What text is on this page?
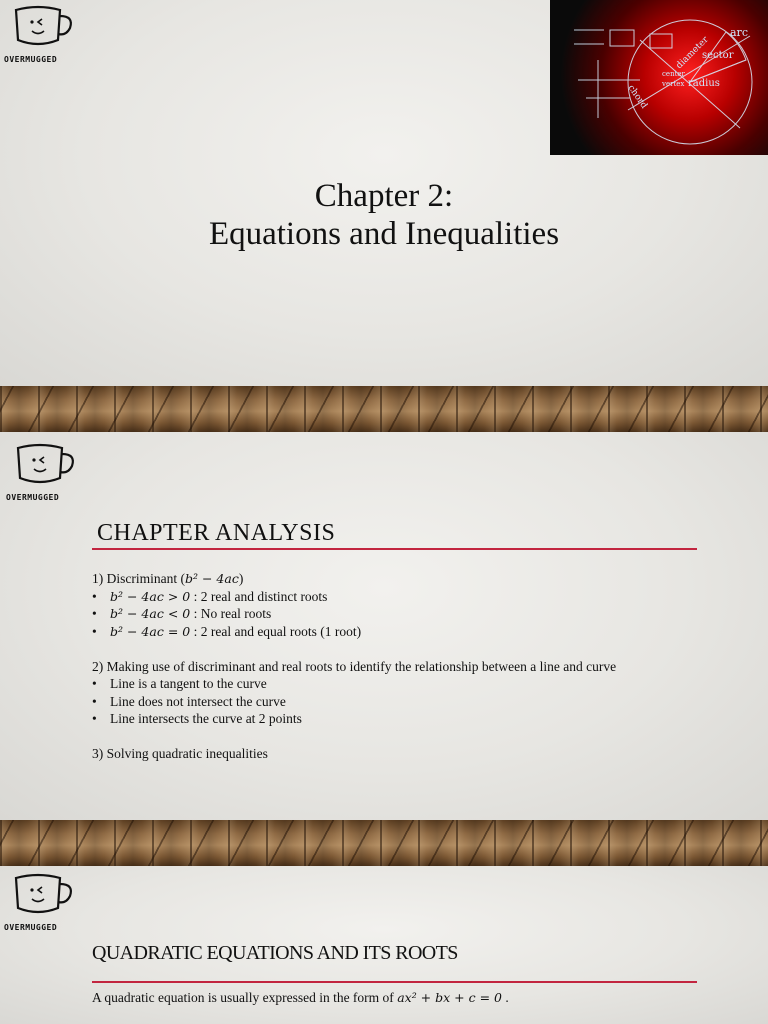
OVERMUGGED
arc
sector
radius
diameter
chord
center
vertex
Chapter 2:
Equations and Inequalities
OVERMUGGED
CHAPTER ANALYSIS
1) Discriminant (b² − 4ac)
• b² − 4ac > 0 : 2 real and distinct roots
• b² − 4ac < 0 : No real roots
• b² − 4ac = 0 : 2 real and equal roots (1 root)
2) Making use of discriminant and real roots to identify the relationship between a line and curve
• Line is a tangent to the curve
• Line does not intersect the curve
• Line intersects the curve at 2 points
3) Solving quadratic inequalities
OVERMUGGED
QUADRATIC EQUATIONS AND ITS ROOTS
A quadratic equation is usually expressed in the form of ax² + bx + c = 0 .
